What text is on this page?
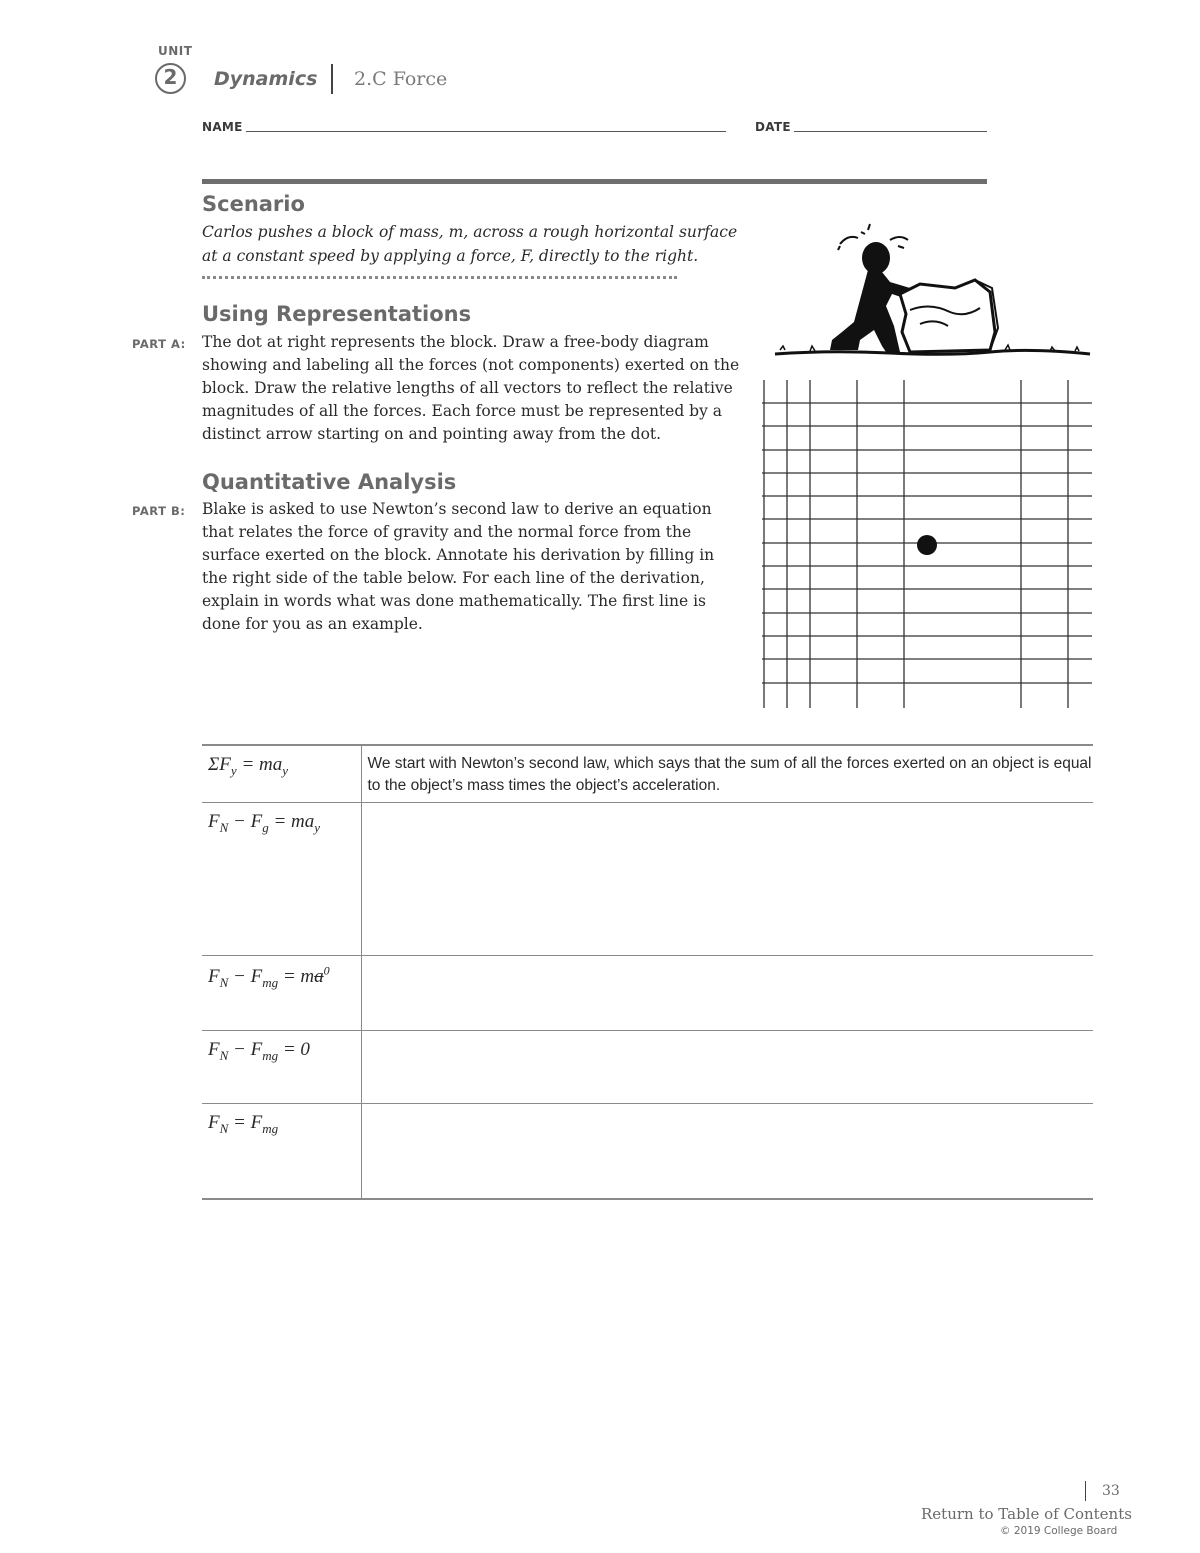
UNIT
2	Dynamics 2.C Force
NAME	DATE
Scenario
Carlos pushes a block of mass, m, across a rough horizontal surface at a constant speed by applying a force, F, directly to the right.
Using Representations
PART A: The dot at right represents the block. Draw a free-body diagram showing and labeling all the forces (not components) exerted on the block. Draw the relative lengths of all vectors to reflect the relative magnitudes of all the forces. Each force must be represented by a distinct arrow starting on and pointing away from the dot.
Quantitative Analysis
PART B: Blake is asked to use Newton’s second law to derive an equation that relates the force of gravity and the normal force from the surface exerted on the block. Annotate his derivation by filling in the right side of the table below. For each line of the derivation, explain in words what was done mathematically. The first line is done for you as an example.
$\Sigma F_y = ma_y$	We start with Newton’s second law, which says that the sum of all the forces exerted on an object is equal to the object’s mass times the object’s acceleration.
$F_N - F_g = ma_y$	
$F_N - F_{mg} = ma^0$	
$F_N - F_{mg} = 0$	
$F_N = F_{mg}$	
33
Return to Table of Contents
© 2019 College Board
